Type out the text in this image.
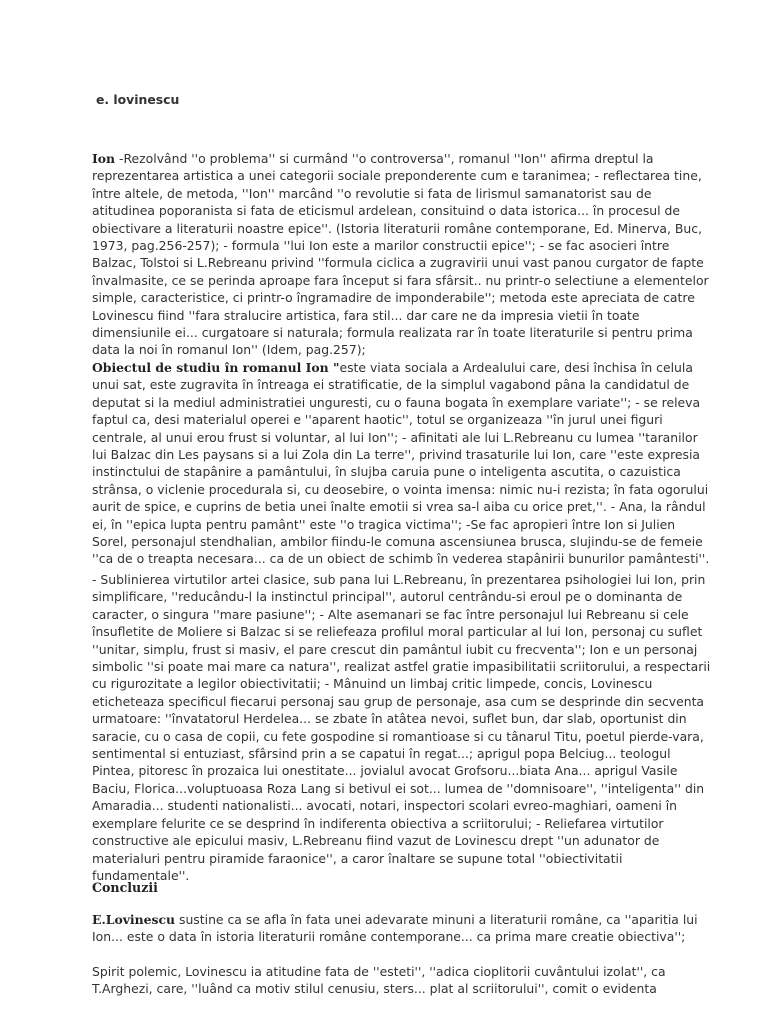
e. lovinescu

Ion -Rezolvând ''o problema'' si curmând ''o controversa'', romanul ''Ion'' afirma dreptul la
reprezentarea artistica a unei categorii sociale preponderente cum e taranimea; - reflectarea tine,
între altele, de metoda, ''Ion'' marcând ''o revolutie si fata de lirismul samanatorist sau de
atitudinea poporanista si fata de eticismul ardelean, consituind o data istorica... în procesul de
obiectivare a literaturii noastre epice''. (Istoria literaturii române contemporane, Ed. Minerva, Buc,
1973, pag.256-257); - formula ''lui Ion este a marilor constructii epice''; - se fac asocieri între
Balzac, Tolstoi si L.Rebreanu privind ''formula ciclica a zugravirii unui vast panou curgator de fapte
învalmasite, ce se perinda aproape fara început si fara sfârsit.. nu printr-o selectiune a elementelor
simple, caracteristice, ci printr-o îngramadire de imponderabile''; metoda este apreciata de catre
Lovinescu fiind ''fara stralucire artistica, fara stil... dar care ne da impresia vietii în toate
dimensiunile ei... curgatoare si naturala; formula realizata rar în toate literaturile si pentru prima
data la noi în romanul Ion'' (Idem, pag.257);

Obiectul de studiu în romanul Ion "este viata sociala a Ardealului care, desi închisa în celula
unui sat, este zugravita în întreaga ei stratificatie, de la simplul vagabond pâna la candidatul de
deputat si la mediul administratiei unguresti, cu o fauna bogata în exemplare variate''; - se releva
faptul ca, desi materialul operei e ''aparent haotic'', totul se organizeaza ''în jurul unei figuri
centrale, al unui erou frust si voluntar, al lui Ion''; - afinitati ale lui L.Rebreanu cu lumea ''taranilor
lui Balzac din Les paysans si a lui Zola din La terre'', privind trasaturile lui Ion, care ''este expresia
instinctului de stapânire a pamântului, în slujba caruia pune o inteligenta ascutita, o cazuistica
strânsa, o viclenie procedurala si, cu deosebire, o vointa imensa: nimic nu-i rezista; în fata ogorului
aurit de spice, e cuprins de betia unei înalte emotii si vrea sa-l aiba cu orice pret,''. - Ana, la rândul
ei, în ''epica lupta pentru pamânt'' este ''o tragica victima''; -Se fac apropieri între Ion si Julien
Sorel, personajul stendhalian, ambilor fiindu-le comuna ascensiunea brusca, slujindu-se de femeie
''ca de o treapta necesara... ca de un obiect de schimb în vederea stapânirii bunurilor pamântesti''.

- Sublinierea virtutilor artei clasice, sub pana lui L.Rebreanu, în prezentarea psihologiei lui Ion, prin
simplificare, ''reducându-l la instinctul principal'', autorul centrându-si eroul pe o dominanta de
caracter, o singura ''mare pasiune''; - Alte asemanari se fac între personajul lui Rebreanu si cele
însufletite de Moliere si Balzac si se reliefeaza profilul moral particular al lui Ion, personaj cu suflet
''unitar, simplu, frust si masiv, el pare crescut din pamântul iubit cu frecventa''; Ion e un personaj
simbolic ''si poate mai mare ca natura'', realizat astfel gratie impasibilitatii scriitorului, a respectarii
cu rigurozitate a legilor obiectivitatii; - Mânuind un limbaj critic limpede, concis, Lovinescu
eticheteaza specificul fiecarui personaj sau grup de personaje, asa cum se desprinde din secventa
urmatoare: ''învatatorul Herdelea... se zbate în atâtea nevoi, suflet bun, dar slab, oportunist din
saracie, cu o casa de copii, cu fete gospodine si romantioase si cu tânarul Titu, poetul pierde-vara,
sentimental si entuziast, sfârsind prin a se capatui în regat...; aprigul popa Belciug... teologul
Pintea, pitoresc în prozaica lui onestitate... jovialul avocat Grofsoru...biata Ana... aprigul Vasile
Baciu, Florica...voluptuoasa Roza Lang si betivul ei sot... lumea de ''domnisoare'', ''inteligenta'' din
Amaradia... studenti nationalisti... avocati, notari, inspectori scolari evreo-maghiari, oameni în
exemplare felurite ce se desprind în indiferenta obiectiva a scriitorului; - Reliefarea virtutilor
constructive ale epicului masiv, L.Rebreanu fiind vazut de Lovinescu drept ''un adunator de
materialuri pentru piramide faraonice'', a caror înaltare se supune total ''obiectivitatii
fundamentale''.

Concluzii

E.Lovinescu sustine ca se afla în fata unei adevarate minuni a literaturii române, ca ''aparitia lui
Ion... este o data în istoria literaturii române contemporane... ca prima mare creatie obiectiva'';

Spirit polemic, Lovinescu ia atitudine fata de ''esteti'', ''adica cioplitorii cuvântului izolat'', ca
T.Arghezi, care, ''luând ca motiv stilul cenusiu, sters... plat al scriitorului'', comit o evidenta
